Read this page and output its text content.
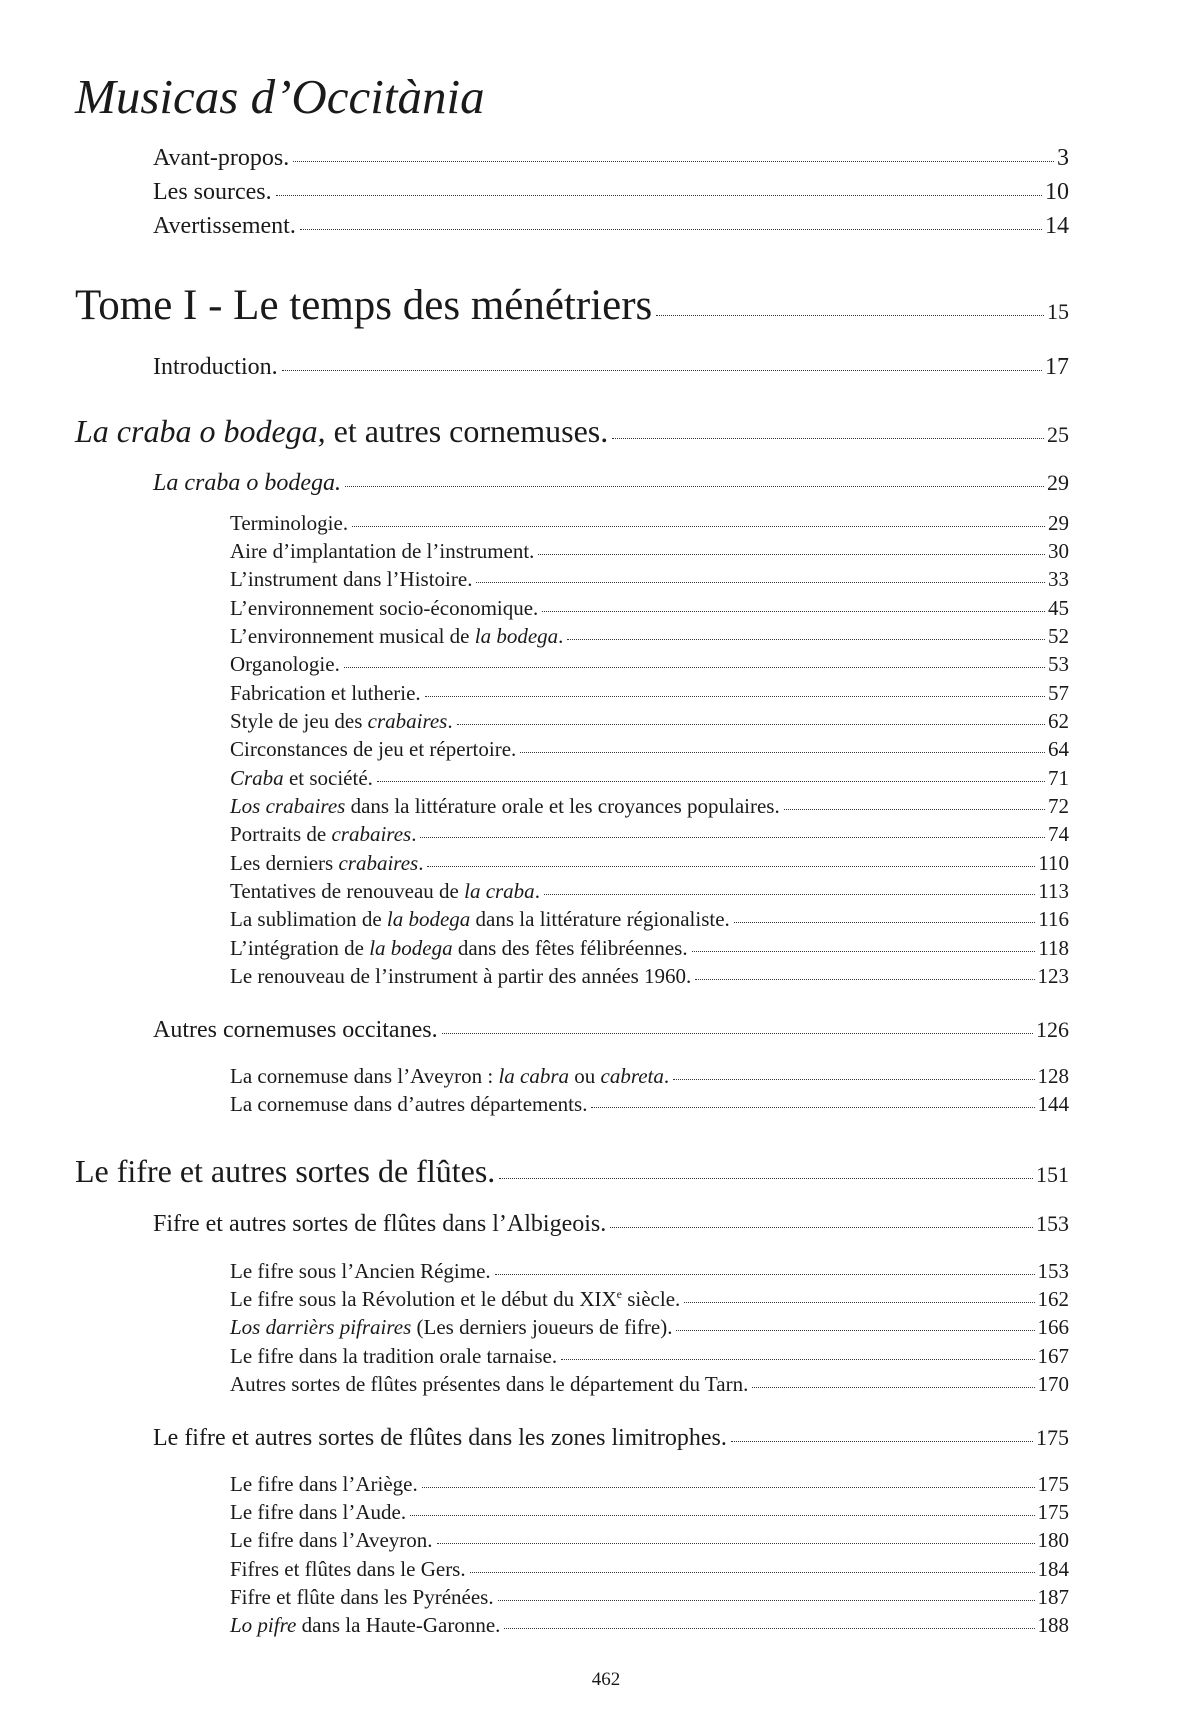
Musicas d’Occitània
Avant-propos.	3
Les sources.	10
Avertissement.	14
Tome I - Le temps des ménétriers	15
Introduction.	17
La craba o bodega, et autres cornemuses.	25
La craba o bodega.	29
Terminologie.	29
Aire d’implantation de l’instrument.	30
L’instrument dans l’Histoire.	33
L’environnement socio-économique.	45
L’environnement musical de la bodega.	52
Organologie.	53
Fabrication et lutherie.	57
Style de jeu des crabaires.	62
Circonstances de jeu et répertoire.	64
Craba et société.	71
Los crabaires dans la littérature orale et les croyances populaires.	72
Portraits de crabaires.	74
Les derniers crabaires.	110
Tentatives de renouveau de la craba.	113
La sublimation de la bodega dans la littérature régionaliste.	116
L’intégration de la bodega dans des fêtes félibréennes.	118
Le renouveau de l’instrument à partir des années 1960.	123
Autres cornemuses occitanes.	126
La cornemuse dans l’Aveyron : la cabra ou cabreta.	128
La cornemuse dans d’autres départements.	144
Le fifre et autres sortes de flûtes.	151
Fifre et autres sortes de flûtes dans l’Albigeois.	153
Le fifre sous l’Ancien Régime.	153
Le fifre sous la Révolution et le début du XIXe siècle.	162
Los darrièrs pifraires (Les derniers joueurs de fifre).	166
Le fifre dans la tradition orale tarnaise.	167
Autres sortes de flûtes présentes dans le département du Tarn.	170
Le fifre et autres sortes de flûtes dans les zones limitrophes.	175
Le fifre dans l’Ariège.	175
Le fifre dans l’Aude.	175
Le fifre dans l’Aveyron.	180
Fifres et flûtes dans le Gers.	184
Fifre et flûte dans les Pyrénées.	187
Lo pifre dans la Haute-Garonne.	188
462
